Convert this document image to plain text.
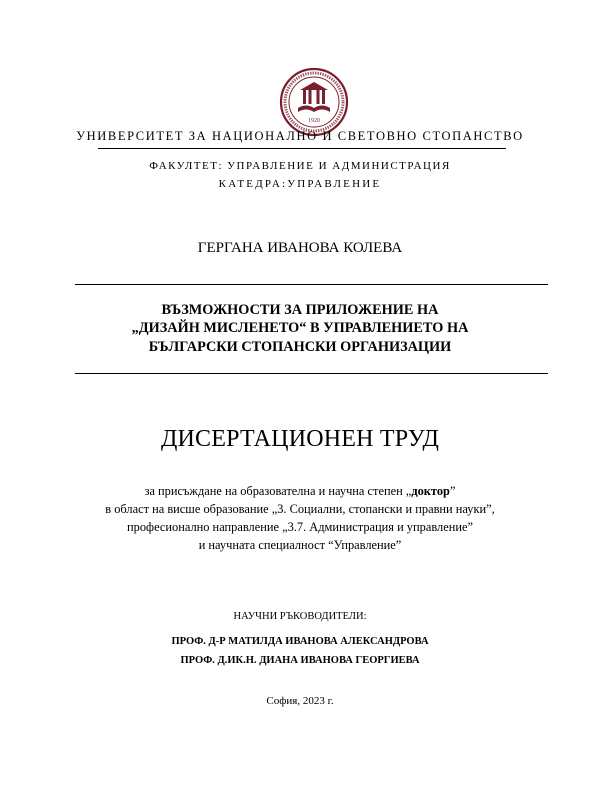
1920
УНИВЕРСИТЕТ ЗА НАЦИОНАЛНО И СВЕТОВНО СТОПАНСТВО
ФАКУЛТЕТ: УПРАВЛЕНИЕ И АДМИНИСТРАЦИЯ
КАТЕДРА:УПРАВЛЕНИЕ
ГЕРГАНА ИВАНОВА КОЛЕВА
ВЪЗМОЖНОСТИ ЗА ПРИЛОЖЕНИЕ НА
„ДИЗАЙН МИСЛЕНЕТО“ В УПРАВЛЕНИЕТО НА
БЪЛГАРСКИ СТОПАНСКИ ОРГАНИЗАЦИИ
ДИСЕРТАЦИОНЕН ТРУД
за присъждане на образователна и научна степен „доктор”
в област на висше образование „3. Социални, стопански и правни науки”,
професионално направление „3.7. Администрация и управление”
и научната специалност “Управление”
НАУЧНИ РЪКОВОДИТЕЛИ:
ПРОФ. Д-Р МАТИЛДА ИВАНОВА АЛЕКСАНДРОВА
ПРОФ. Д.ИК.Н. ДИАНА ИВАНОВА ГЕОРГИЕВА
София, 2023 г.
